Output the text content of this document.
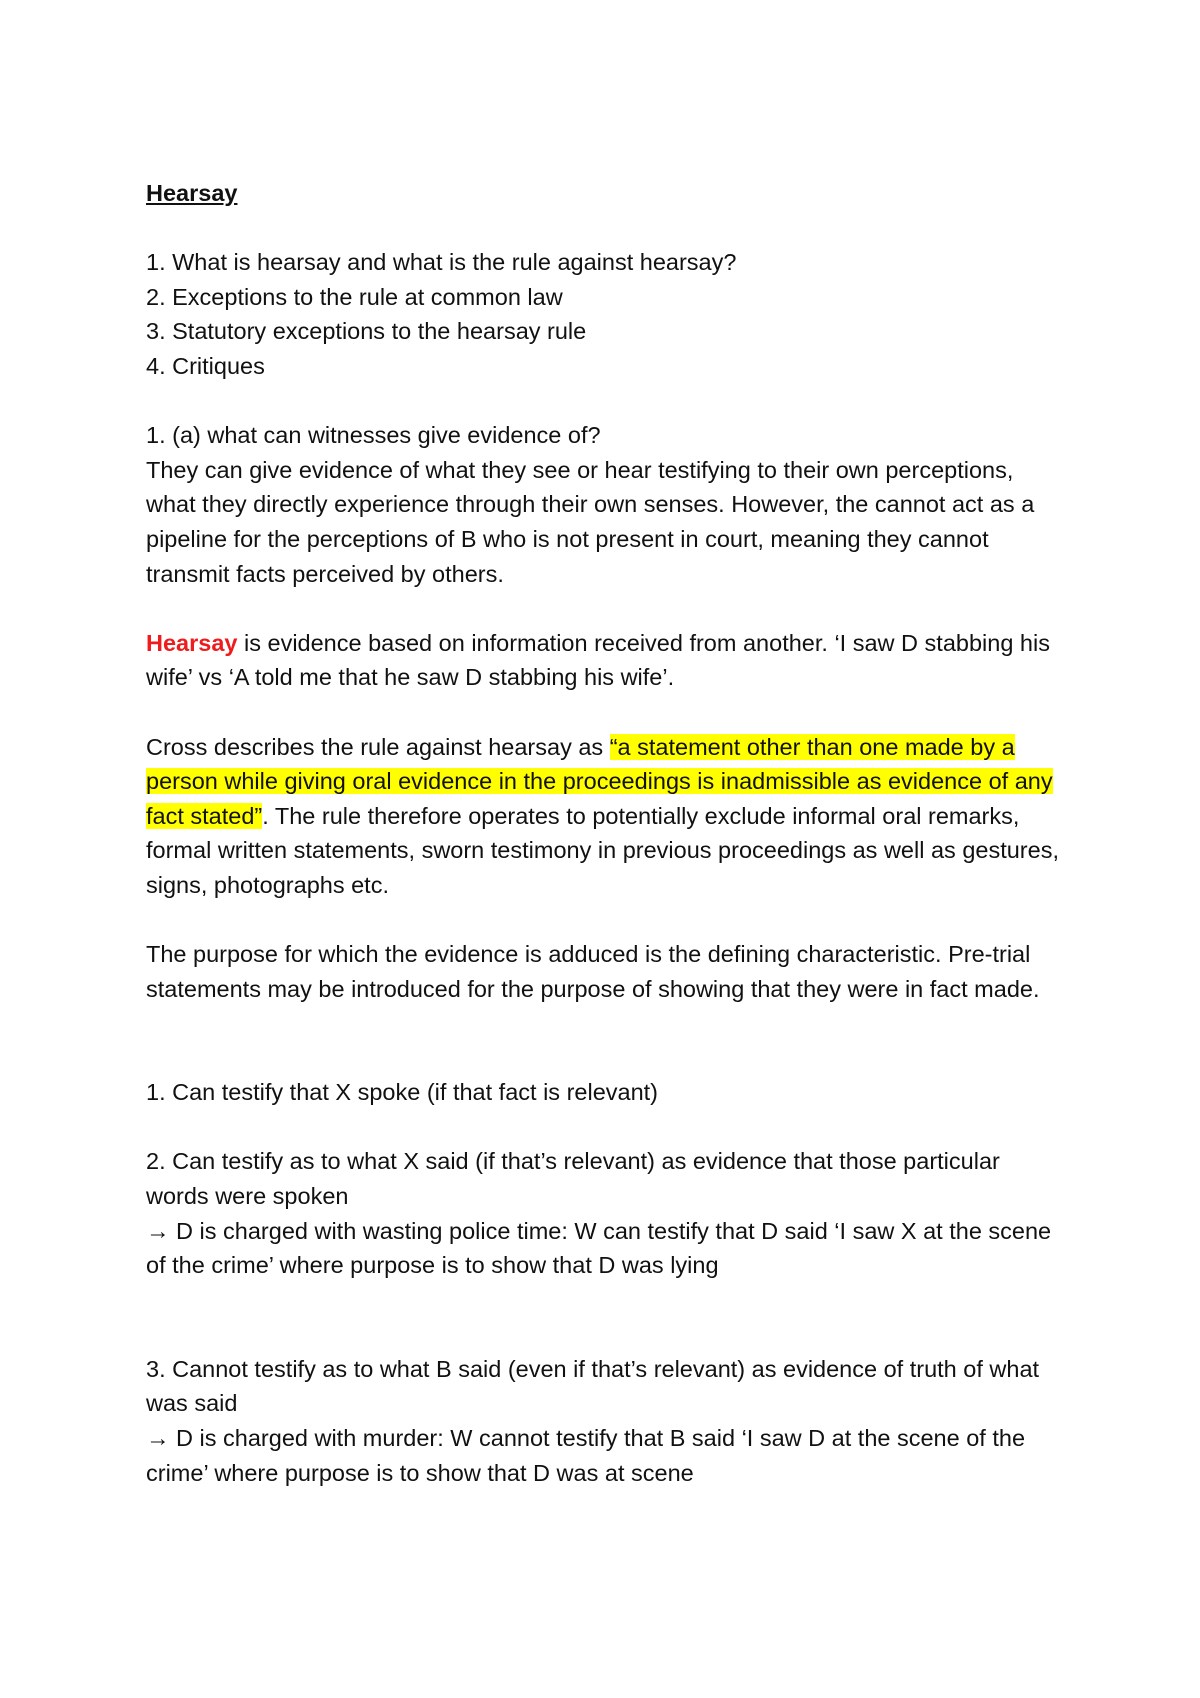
Hearsay

1. What is hearsay and what is the rule against hearsay?

2. Exceptions to the rule at common law

3. Statutory exceptions to the hearsay rule

4. Critiques

1. (a) what can witnesses give evidence of?

They can give evidence of what they see or hear testifying to their own perceptions, what they directly experience through their own senses. However, the cannot act as a pipeline for the perceptions of B who is not present in court, meaning they cannot transmit facts perceived by others.

Hearsay is evidence based on information received from another. ‘I saw D stabbing his wife’ vs ‘A told me that he saw D stabbing his wife’.

Cross describes the rule against hearsay as “a statement other than one made by a person while giving oral evidence in the proceedings is inadmissible as evidence of any fact stated”. The rule therefore operates to potentially exclude informal oral remarks, formal written statements, sworn testimony in previous proceedings as well as gestures, signs, photographs etc.

The purpose for which the evidence is adduced is the defining characteristic. Pre-trial statements may be introduced for the purpose of showing that they were in fact made.

1. Can testify that X spoke (if that fact is relevant)

2. Can testify as to what X said (if that’s relevant) as evidence that those particular words were spoken

→ D is charged with wasting police time: W can testify that D said ‘I saw X at the scene of the crime’ where purpose is to show that D was lying

3. Cannot testify as to what B said (even if that’s relevant) as evidence of truth of what was said

→ D is charged with murder: W cannot testify that B said ‘I saw D at the scene of the crime’ where purpose is to show that D was at scene
